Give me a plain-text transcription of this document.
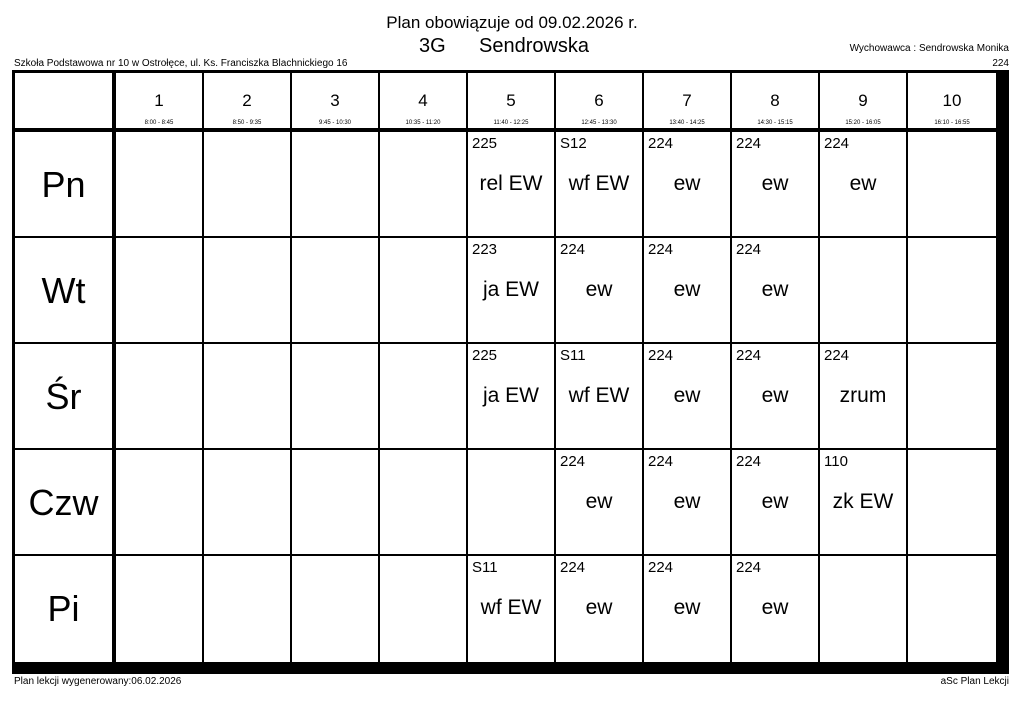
Plan obowiązuje od 09.02.2026 r.
3G Sendrowska
Szkoła Podstawowa nr 10 w Ostrołęce, ul. Ks. Franciszka Blachnickiego 16
Wychowawca : Sendrowska Monika
224
1
8:00 - 8:45
2
8:50 - 9:35
3
9:45 - 10:30
4
10:35 - 11:20
5
11:40 - 12:25
6
12:45 - 13:30
7
13:40 - 14:25
8
14:30 - 15:15
9
15:20 - 16:05
10
16:10 - 16:55
Pn
225
rel EW
S12
wf EW
224
ew
224
ew
224
ew
Wt
223
ja EW
224
ew
224
ew
224
ew
Śr
225
ja EW
S11
wf EW
224
ew
224
ew
224
zrum
Czw
224
ew
224
ew
224
ew
110
zk EW
Pi
S11
wf EW
224
ew
224
ew
224
ew
Plan lekcji wygenerowany:06.02.2026	aSc Plan Lekcji
